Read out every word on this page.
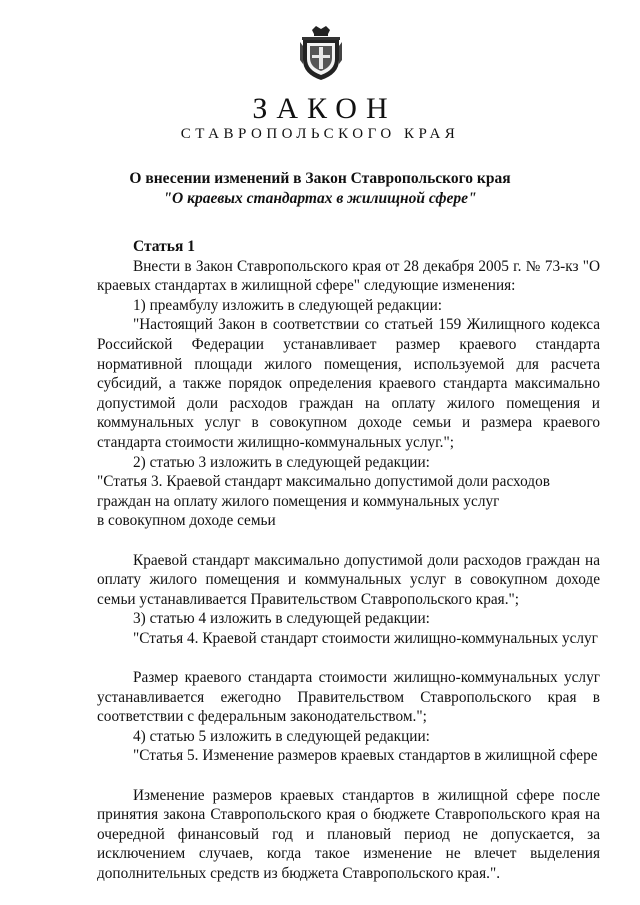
ЗАКОН
СТАВРОПОЛЬСКОГО КРАЯ
О внесении изменений в Закон Ставропольского края
"О краевых стандартах в жилищной сфере"

Статья 1

Внести в Закон Ставропольского края от 28 декабря 2005 г. № 73-кз "О краевых стандартах в жилищной сфере" следующие изменения:

1) преамбулу изложить в следующей редакции:

"Настоящий Закон в соответствии со статьей 159 Жилищного кодекса Российской Федерации устанавливает размер краевого стандарта нормативной площади жилого помещения, используемой для расчета субсидий, а также порядок определения краевого стандарта максимально допустимой доли расходов граждан на оплату жилого помещения и коммунальных услуг в совокупном доходе семьи и размера краевого стандарта стоимости жилищно-коммунальных услуг.";

2) статью 3 изложить в следующей редакции:

"Статья 3. Краевой стандарт максимально допустимой доли расходов

граждан на оплату жилого помещения и коммунальных услуг

в совокупном доходе семьи

Краевой стандарт максимально допустимой доли расходов граждан на оплату жилого помещения и коммунальных услуг в совокупном доходе семьи устанавливается Правительством Ставропольского края.";

3) статью 4 изложить в следующей редакции:

"Статья 4. Краевой стандарт стоимости жилищно-коммунальных услуг

Размер краевого стандарта стоимости жилищно-коммунальных услуг устанавливается ежегодно Правительством Ставропольского края в соответствии с федеральным законодательством.";

4) статью 5 изложить в следующей редакции:

"Статья 5. Изменение размеров краевых стандартов в жилищной сфере

Изменение размеров краевых стандартов в жилищной сфере после принятия закона Ставропольского края о бюджете Ставропольского края на очередной финансовый год и плановый период не допускается, за исключением случаев, когда такое изменение не влечет выделения дополнительных средств из бюджета Ставропольского края.".
